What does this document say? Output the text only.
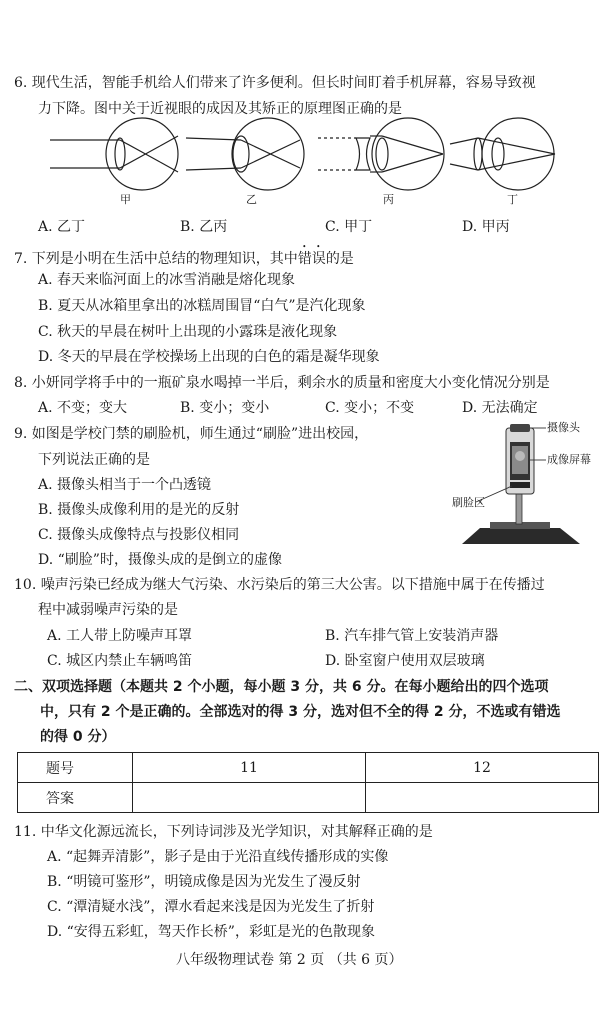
6. 现代生活，智能手机给人们带来了许多便利。但长时间盯着手机屏幕，容易导致视
力下降。图中关于近视眼的成因及其矫正的原理图正确的是
甲	乙	丙	丁
A. 乙丁	B. 乙丙	C. 甲丁	D. 甲丙
7. 下列是小明在生活中总结的物理知识，其中错误的是
A. 春天来临河面上的冰雪消融是熔化现象
B. 夏天从冰箱里拿出的冰糕周围冒“白气”是汽化现象
C. 秋天的早晨在树叶上出现的小露珠是液化现象
D. 冬天的早晨在学校操场上出现的白色的霜是凝华现象
8. 小妍同学将手中的一瓶矿泉水喝掉一半后，剩余水的质量和密度大小变化情况分别是
A. 不变；变大	B. 变小；变小	C. 变小；不变	D. 无法确定
9. 如图是学校门禁的刷脸机，师生通过“刷脸”进出校园，
下列说法正确的是
A. 摄像头相当于一个凸透镜
B. 摄像头成像利用的是光的反射
C. 摄像头成像特点与投影仪相同
D. “刷脸”时，摄像头成的是倒立的虚像
摄像头
成像屏幕
刷脸区
10. 噪声污染已经成为继大气污染、水污染后的第三大公害。以下措施中属于在传播过
程中减弱噪声污染的是
A. 工人带上防噪声耳罩	B. 汽车排气管上安装消声器
C. 城区内禁止车辆鸣笛	D. 卧室窗户使用双层玻璃
二、双项选择题（本题共 2 个小题，每小题 3 分，共 6 分。在每小题给出的四个选项
中，只有 2 个是正确的。全部选对的得 3 分，选对但不全的得 2 分，不选或有错选
的得 0 分）
题号	11	12
答案		
11. 中华文化源远流长，下列诗词涉及光学知识，对其解释正确的是
A. “起舞弄清影”，影子是由于光沿直线传播形成的实像
B. “明镜可鉴形”，明镜成像是因为光发生了漫反射
C. “潭清疑水浅”，潭水看起来浅是因为光发生了折射
D. “安得五彩虹，驾天作长桥”，彩虹是光的色散现象
八年级物理试卷 第 2 页 （共 6 页）
